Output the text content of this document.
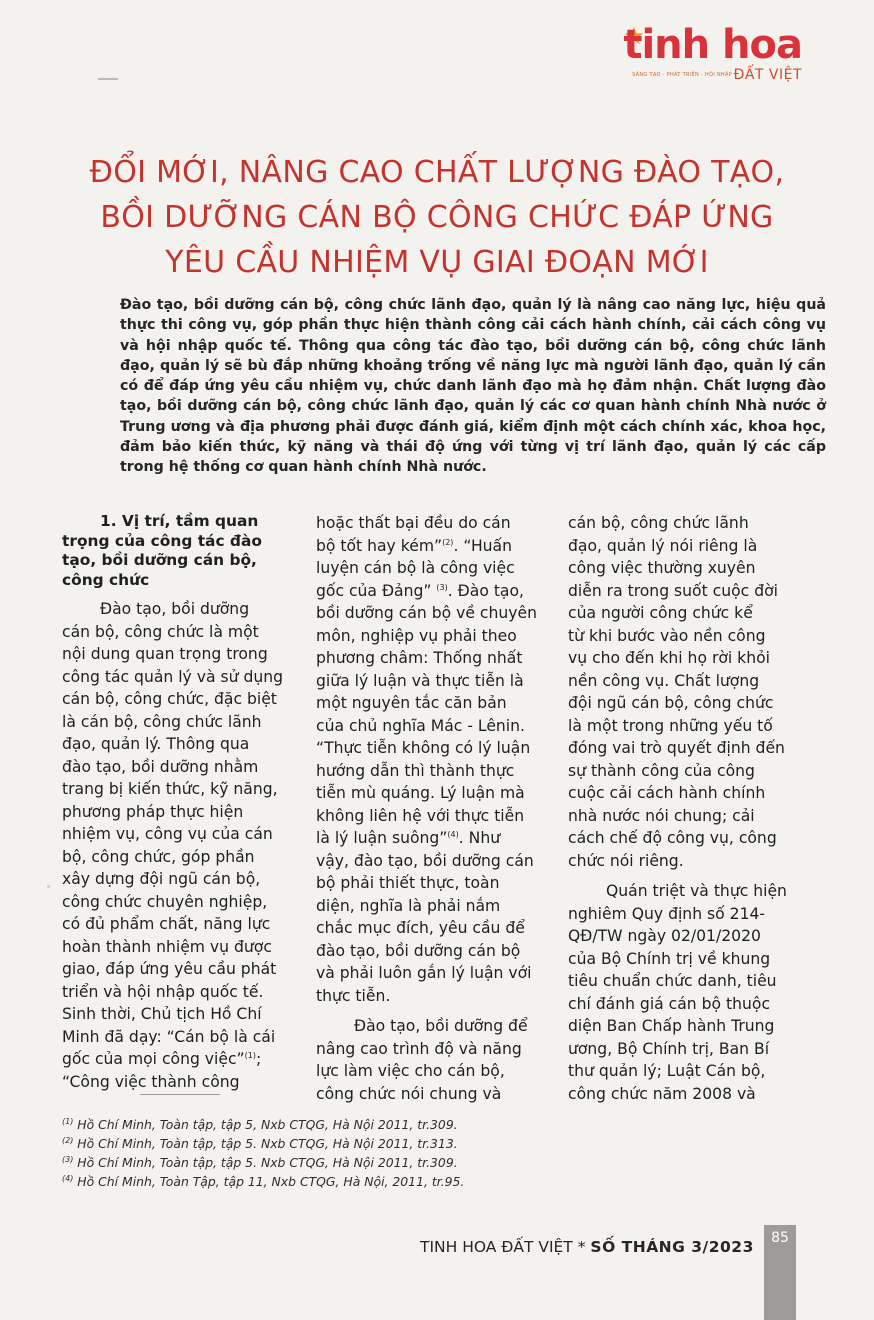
tinh hoa
SÁNG TẠO - PHÁT TRIỂN - HỘI NHẬP ĐẤT VIỆT
ĐỔI MỚI, NÂNG CAO CHẤT LƯỢNG ĐÀO TẠO,
BỒI DƯỠNG CÁN BỘ CÔNG CHỨC ĐÁP ỨNG
YÊU CẦU NHIỆM VỤ GIAI ĐOẠN MỚI
Đào tạo, bồi dưỡng cán bộ, công chức lãnh đạo, quản lý là nâng cao năng lực, hiệu quả thực thi công vụ, góp phần thực hiện thành công cải cách hành chính, cải cách công vụ và hội nhập quốc tế. Thông qua công tác đào tạo, bồi dưỡng cán bộ, công chức lãnh đạo, quản lý sẽ bù đắp những khoảng trống về năng lực mà người lãnh đạo, quản lý cần có để đáp ứng yêu cầu nhiệm vụ, chức danh lãnh đạo mà họ đảm nhận. Chất lượng đào tạo, bồi dưỡng cán bộ, công chức lãnh đạo, quản lý các cơ quan hành chính Nhà nước ở Trung ương và địa phương phải được đánh giá, kiểm định một cách chính xác, khoa học, đảm bảo kiến thức, kỹ năng và thái độ ứng với từng vị trí lãnh đạo, quản lý các cấp trong hệ thống cơ quan hành chính Nhà nước.
1. Vị trí, tầm quan
trọng của công tác đào
tạo, bồi dưỡng cán bộ,
công chức
Đào tạo, bồi dưỡng
cán bộ, công chức là một
nội dung quan trọng trong
công tác quản lý và sử dụng
cán bộ, công chức, đặc biệt
là cán bộ, công chức lãnh
đạo, quản lý. Thông qua
đào tạo, bồi dưỡng nhằm
trang bị kiến thức, kỹ năng,
phương pháp thực hiện
nhiệm vụ, công vụ của cán
bộ, công chức, góp phần
xây dựng đội ngũ cán bộ,
công chức chuyên nghiệp,
có đủ phẩm chất, năng lực
hoàn thành nhiệm vụ được
giao, đáp ứng yêu cầu phát
triển và hội nhập quốc tế.
Sinh thời, Chủ tịch Hồ Chí
Minh đã dạy: “Cán bộ là cái
gốc của mọi công việc”$^{(1)}$;
“Công việc thành công
hoặc thất bại đều do cán
bộ tốt hay kém”$^{(2)}$. “Huấn
luyện cán bộ là công việc
gốc của Đảng” $^{(3)}$. Đào tạo,
bồi dưỡng cán bộ về chuyên
môn, nghiệp vụ phải theo
phương châm: Thống nhất
giữa lý luận và thực tiễn là
một nguyên tắc căn bản
của chủ nghĩa Mác - Lênin.
“Thực tiễn không có lý luận
hướng dẫn thì thành thực
tiễn mù quáng. Lý luận mà
không liên hệ với thực tiễn
là lý luận suông”$^{(4)}$. Như
vậy, đào tạo, bồi dưỡng cán
bộ phải thiết thực, toàn
diện, nghĩa là phải nắm
chắc mục đích, yêu cầu để
đào tạo, bồi dưỡng cán bộ
và phải luôn gắn lý luận với
thực tiễn.
Đào tạo, bồi dưỡng để
nâng cao trình độ và năng
lực làm việc cho cán bộ,
công chức nói chung và
cán bộ, công chức lãnh
đạo, quản lý nói riêng là
công việc thường xuyên
diễn ra trong suốt cuộc đời
của người công chức kể
từ khi bước vào nền công
vụ cho đến khi họ rời khỏi
nền công vụ. Chất lượng
đội ngũ cán bộ, công chức
là một trong những yếu tố
đóng vai trò quyết định đến
sự thành công của công
cuộc cải cách hành chính
nhà nước nói chung; cải
cách chế độ công vụ, công
chức nói riêng.
Quán triệt và thực hiện
nghiêm Quy định số 214-
QĐ/TW ngày 02/01/2020
của Bộ Chính trị về khung
tiêu chuẩn chức danh, tiêu
chí đánh giá cán bộ thuộc
diện Ban Chấp hành Trung
ương, Bộ Chính trị, Ban Bí
thư quản lý; Luật Cán bộ,
công chức năm 2008 và
$^{(1)}$ Hồ Chí Minh, Toàn tập, tập 5, Nxb CTQG, Hà Nội 2011, tr.309.
$^{(2)}$ Hồ Chí Minh, Toàn tập, tập 5. Nxb CTQG, Hà Nội 2011, tr.313.
$^{(3)}$ Hồ Chí Minh, Toàn tập, tập 5. Nxb CTQG, Hà Nội 2011, tr.309.
$^{(4)}$ Hồ Chí Minh, Toàn Tập, tập 11, Nxb CTQG, Hà Nội, 2011, tr.95.
TINH HOA ĐẤT VIỆT * SỐ THÁNG 3/2023	85
